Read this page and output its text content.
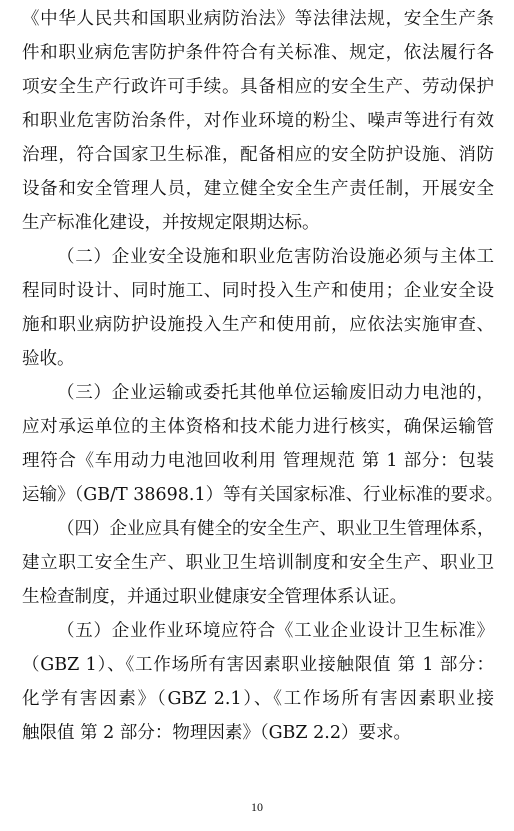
《中华人民共和国职业病防治法》等法律法规，安全生产条
件和职业病危害防护条件符合有关标准、规定，依法履行各
项安全生产行政许可手续。具备相应的安全生产、劳动保护
和职业危害防治条件，对作业环境的粉尘、噪声等进行有效
治理，符合国家卫生标准，配备相应的安全防护设施、消防
设备和安全管理人员，建立健全安全生产责任制，开展安全
生产标准化建设，并按规定限期达标。
（二）企业安全设施和职业危害防治设施必须与主体工
程同时设计、同时施工、同时投入生产和使用；企业安全设
施和职业病防护设施投入生产和使用前，应依法实施审查、
验收。
（三）企业运输或委托其他单位运输废旧动力电池的，
应对承运单位的主体资格和技术能力进行核实，确保运输管
理符合《车用动力电池回收利用 管理规范 第 1 部分：包装
运输》（GB/T 38698.1）等有关国家标准、行业标准的要求。
（四）企业应具有健全的安全生产、职业卫生管理体系，
建立职工安全生产、职业卫生培训制度和安全生产、职业卫
生检查制度，并通过职业健康安全管理体系认证。
（五）企业作业环境应符合《工业企业设计卫生标准》
（GBZ 1）、《工作场所有害因素职业接触限值 第 1 部分：
化学有害因素》（GBZ 2.1）、《工作场所有害因素职业接
触限值 第 2 部分：物理因素》（GBZ 2.2）要求。
10
